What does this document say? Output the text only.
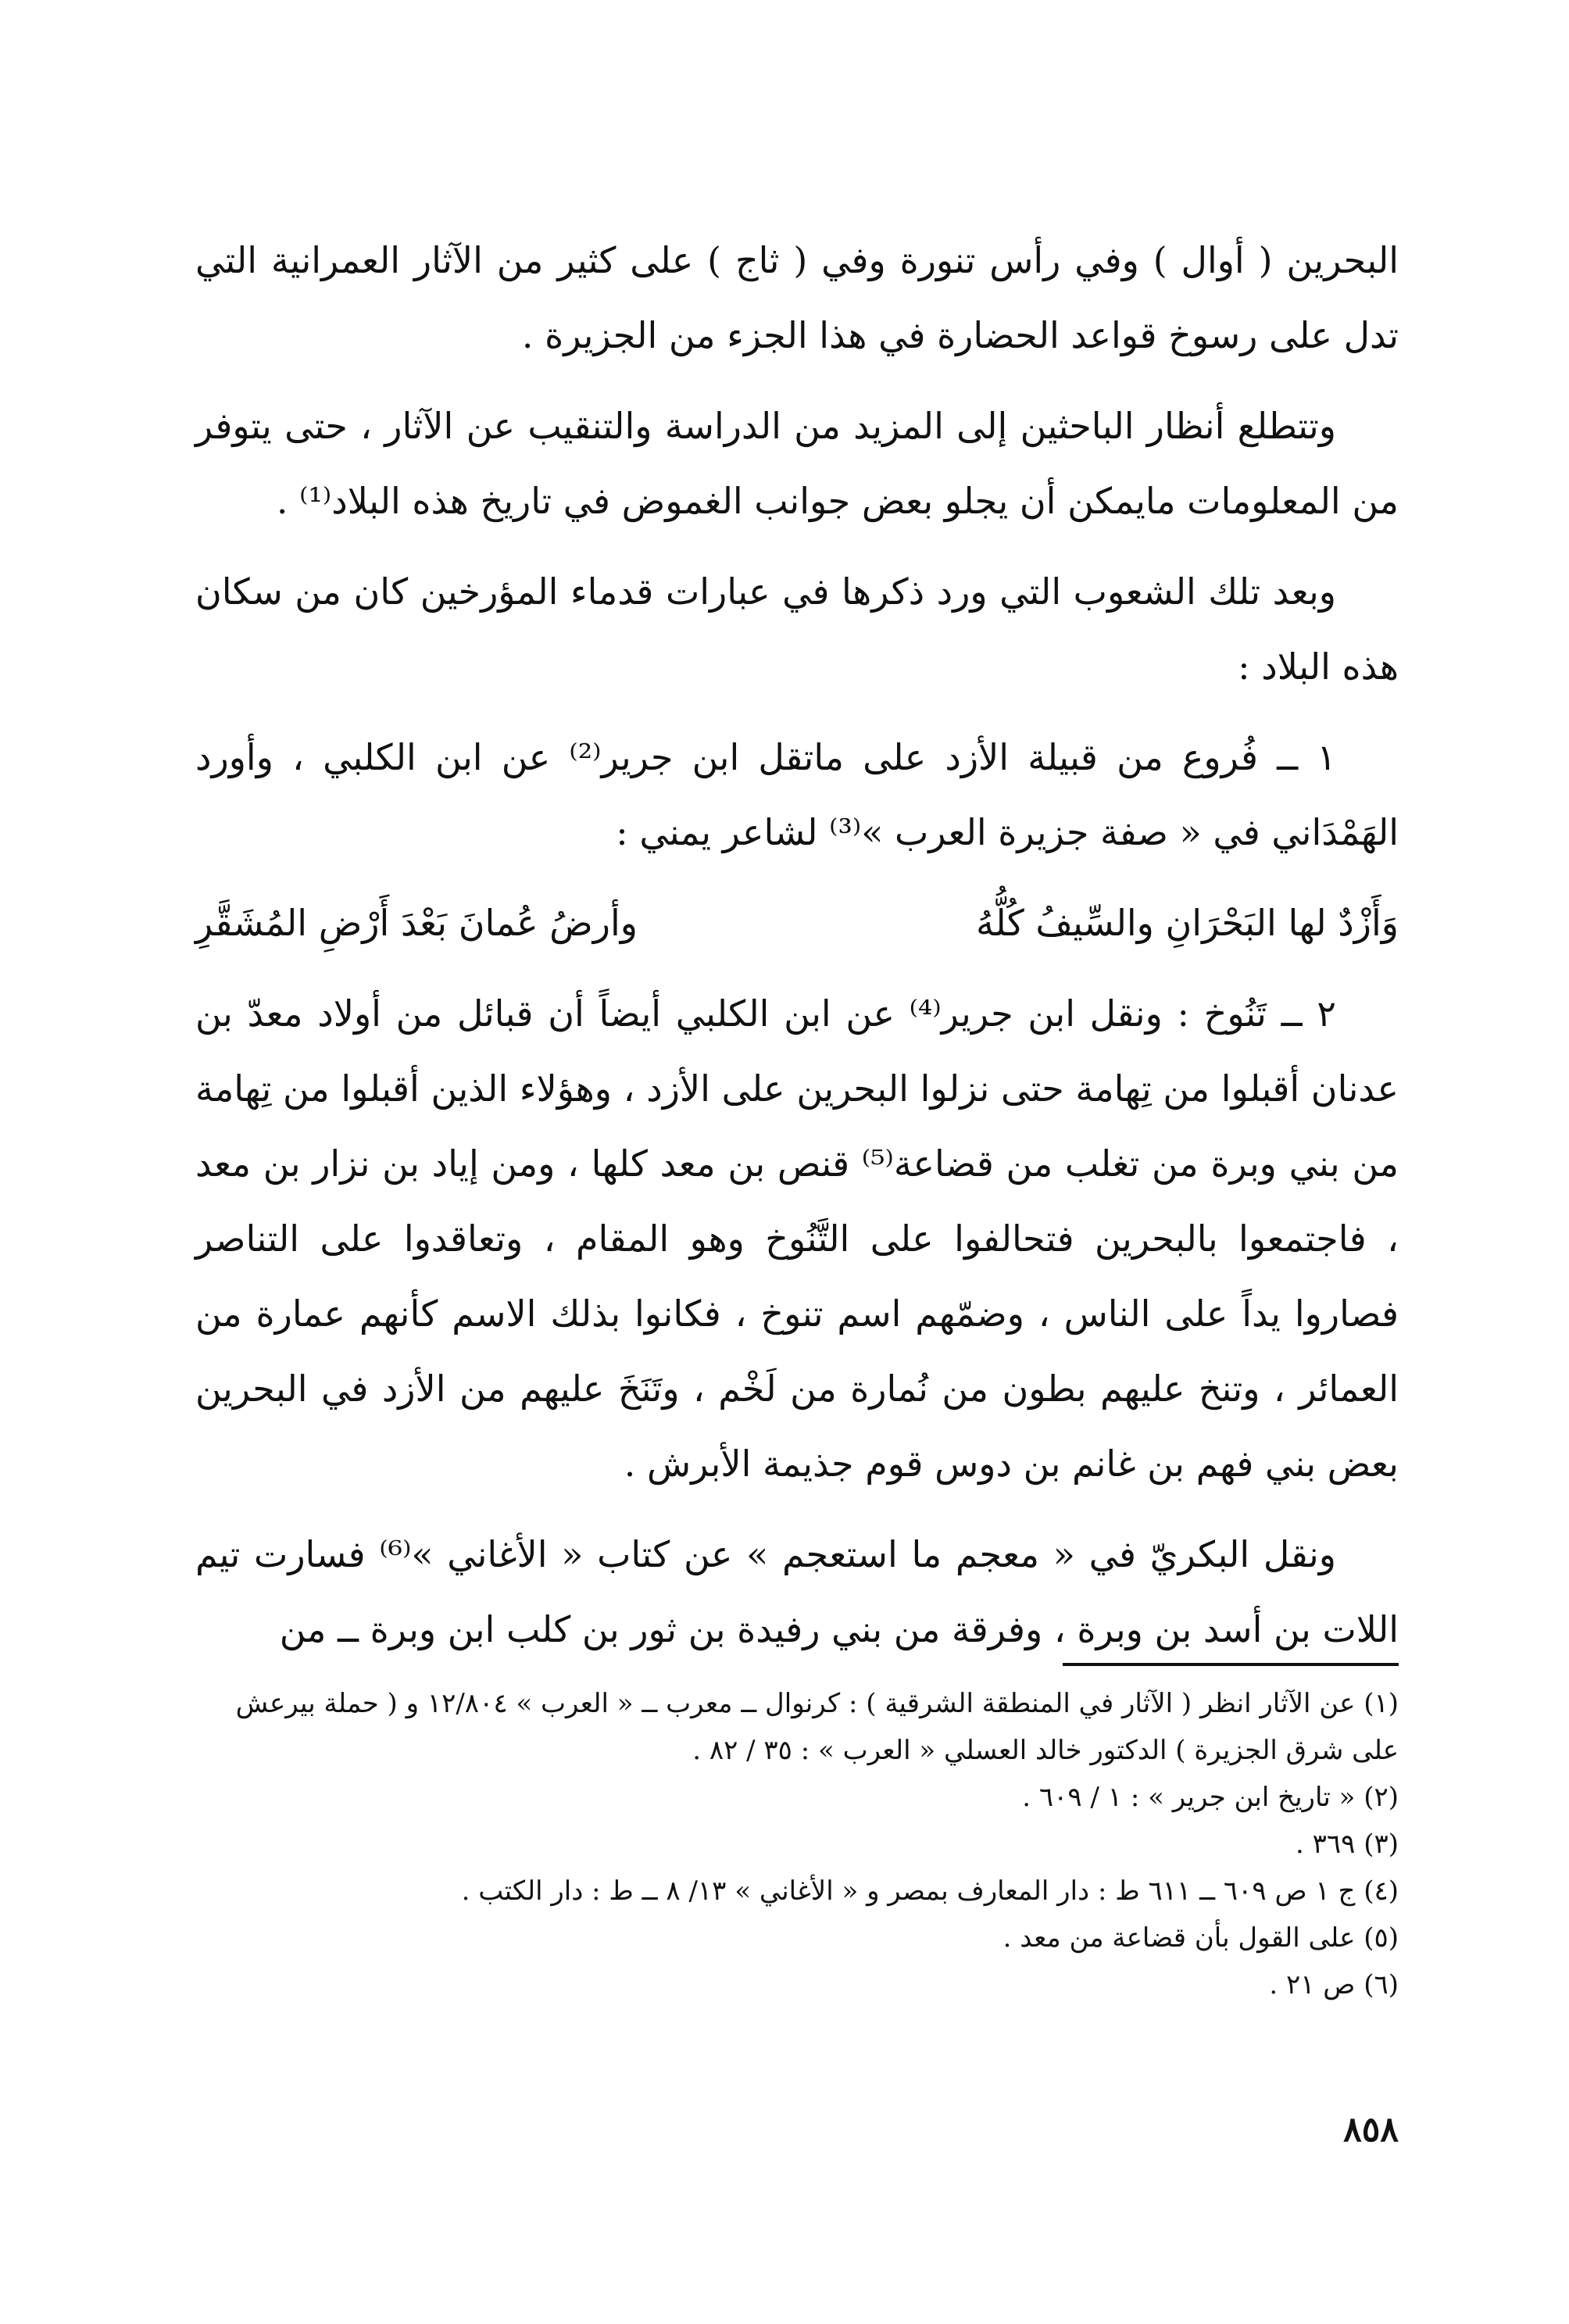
البحرين ( أوال ) وفي رأس تنورة وفي ( ثاج ) على كثير من الآثار العمرانية التي تدل على رسوخ قواعد الحضارة في هذا الجزء من الجزيرة .

وتتطلع أنظار الباحثين إلى المزيد من الدراسة والتنقيب عن الآثار ، حتى يتوفر من المعلومات مايمكن أن يجلو بعض جوانب الغموض في تاريخ هذه البلاد⁽¹⁾ .

وبعد تلك الشعوب التي ورد ذكرها في عبارات قدماء المؤرخين كان من سكان هذه البلاد :

١ ــ فُروع من قبيلة الأزد على ماتقل ابن جرير⁽²⁾ عن ابن الكلبي ، وأورد الهَمْدَاني في « صفة جزيرة العرب »⁽³⁾ لشاعر يمني :

وَأَزْدٌ لها البَحْرَانِ والسِّيفُ كُلُّهُ
وأرضُ عُمانَ بَعْدَ أَرْضِ المُشَقَّرِ

٢ ــ تَنُوخ : ونقل ابن جرير⁽⁴⁾ عن ابن الكلبي أيضاً أن قبائل من أولاد معدّ بن عدنان أقبلوا من تِهامة حتى نزلوا البحرين على الأزد ، وهؤلاء الذين أقبلوا من تِهامة من بني وبرة من تغلب من قضاعة⁽⁵⁾ قنص بن معد كلها ، ومن إياد بن نزار بن معد ، فاجتمعوا بالبحرين فتحالفوا على التَّنُوخ وهو المقام ، وتعاقدوا على التناصر فصاروا يداً على الناس ، وضمّهم اسم تنوخ ، فكانوا بذلك الاسم كأنهم عمارة من العمائر ، وتنخ عليهم بطون من نُمارة من لَخْم ، وتَنَخَ عليهم من الأزد في البحرين بعض بني فهم بن غانم بن دوس قوم جذيمة الأبرش .

ونقل البكريّ في « معجم ما استعجم » عن كتاب « الأغاني »⁽⁶⁾ فسارت تيم اللات بن أسد بن وبرة ، وفرقة من بني رفيدة بن ثور بن كلب ابن وبرة ــ من

(١) عن الآثار انظر ( الآثار في المنطقة الشرقية ) : كرنوال ــ معرب ــ « العرب » ١٢/٨٠٤ و ( حملة بيرعش على شرق الجزيرة ) الدكتور خالد العسلي « العرب » : ٣٥ / ٨٢ .

(٢) « تاريخ ابن جرير » : ١ / ٦٠٩ .

(٣) ٣٦٩ .

(٤) ج ١ ص ٦٠٩ ــ ٦١١ ط : دار المعارف بمصر و « الأغاني » ١٣/ ٨ ــ ط : دار الكتب .

(٥) على القول بأن قضاعة من معد .

(٦) ص ٢١ .

٨٥٨
